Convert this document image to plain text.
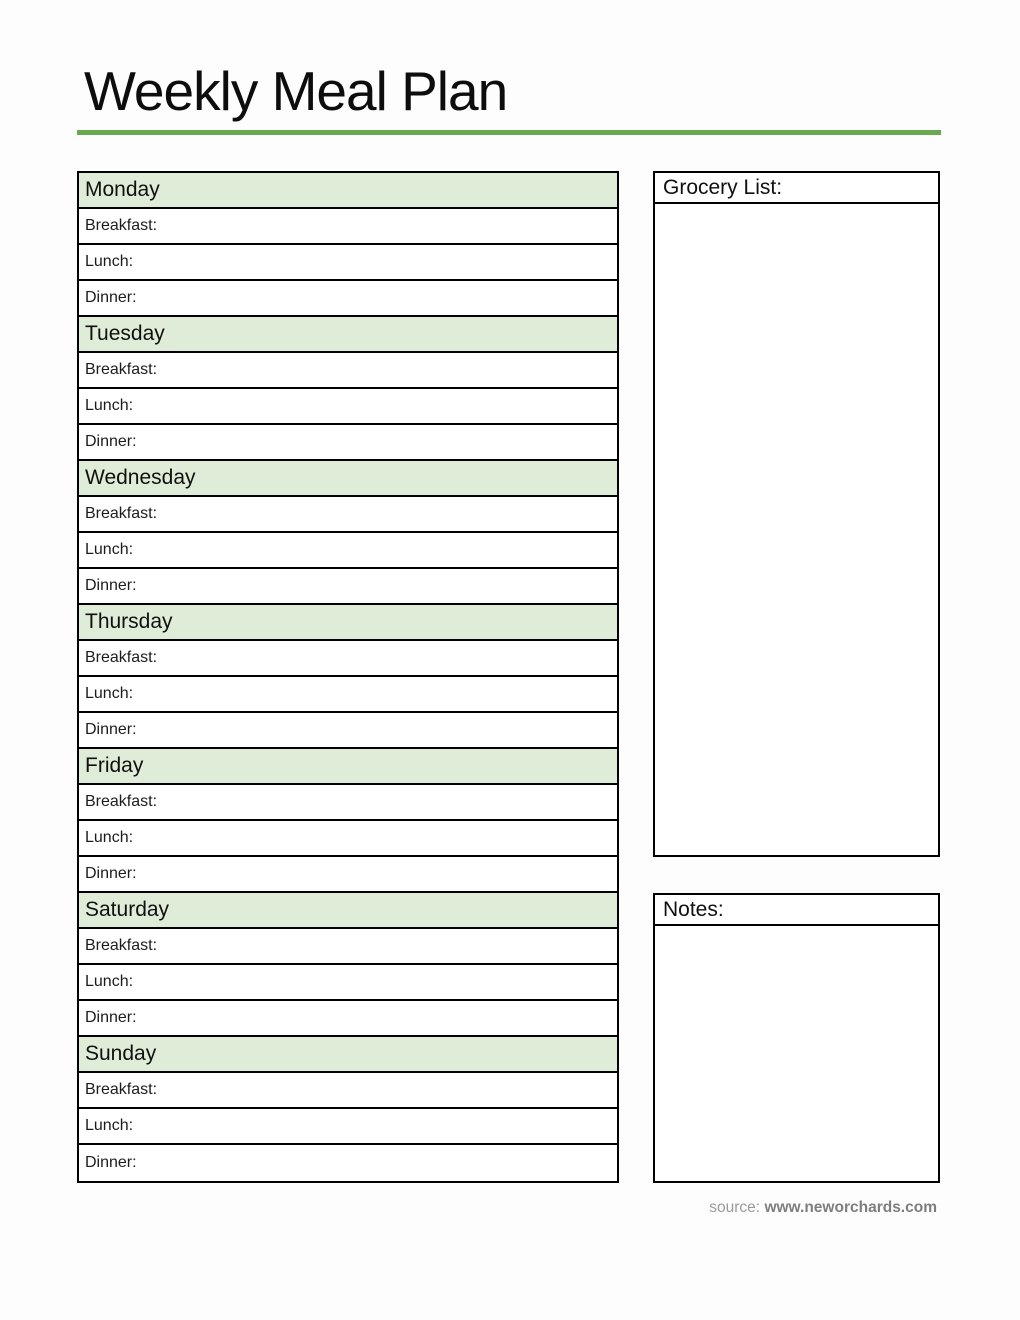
Weekly Meal Plan
Monday
Breakfast:
Lunch:
Dinner:
Tuesday
Breakfast:
Lunch:
Dinner:
Wednesday
Breakfast:
Lunch:
Dinner:
Thursday
Breakfast:
Lunch:
Dinner:
Friday
Breakfast:
Lunch:
Dinner:
Saturday
Breakfast:
Lunch:
Dinner:
Sunday
Breakfast:
Lunch:
Dinner:
Grocery List:
Notes:
source: www.neworchards.com
